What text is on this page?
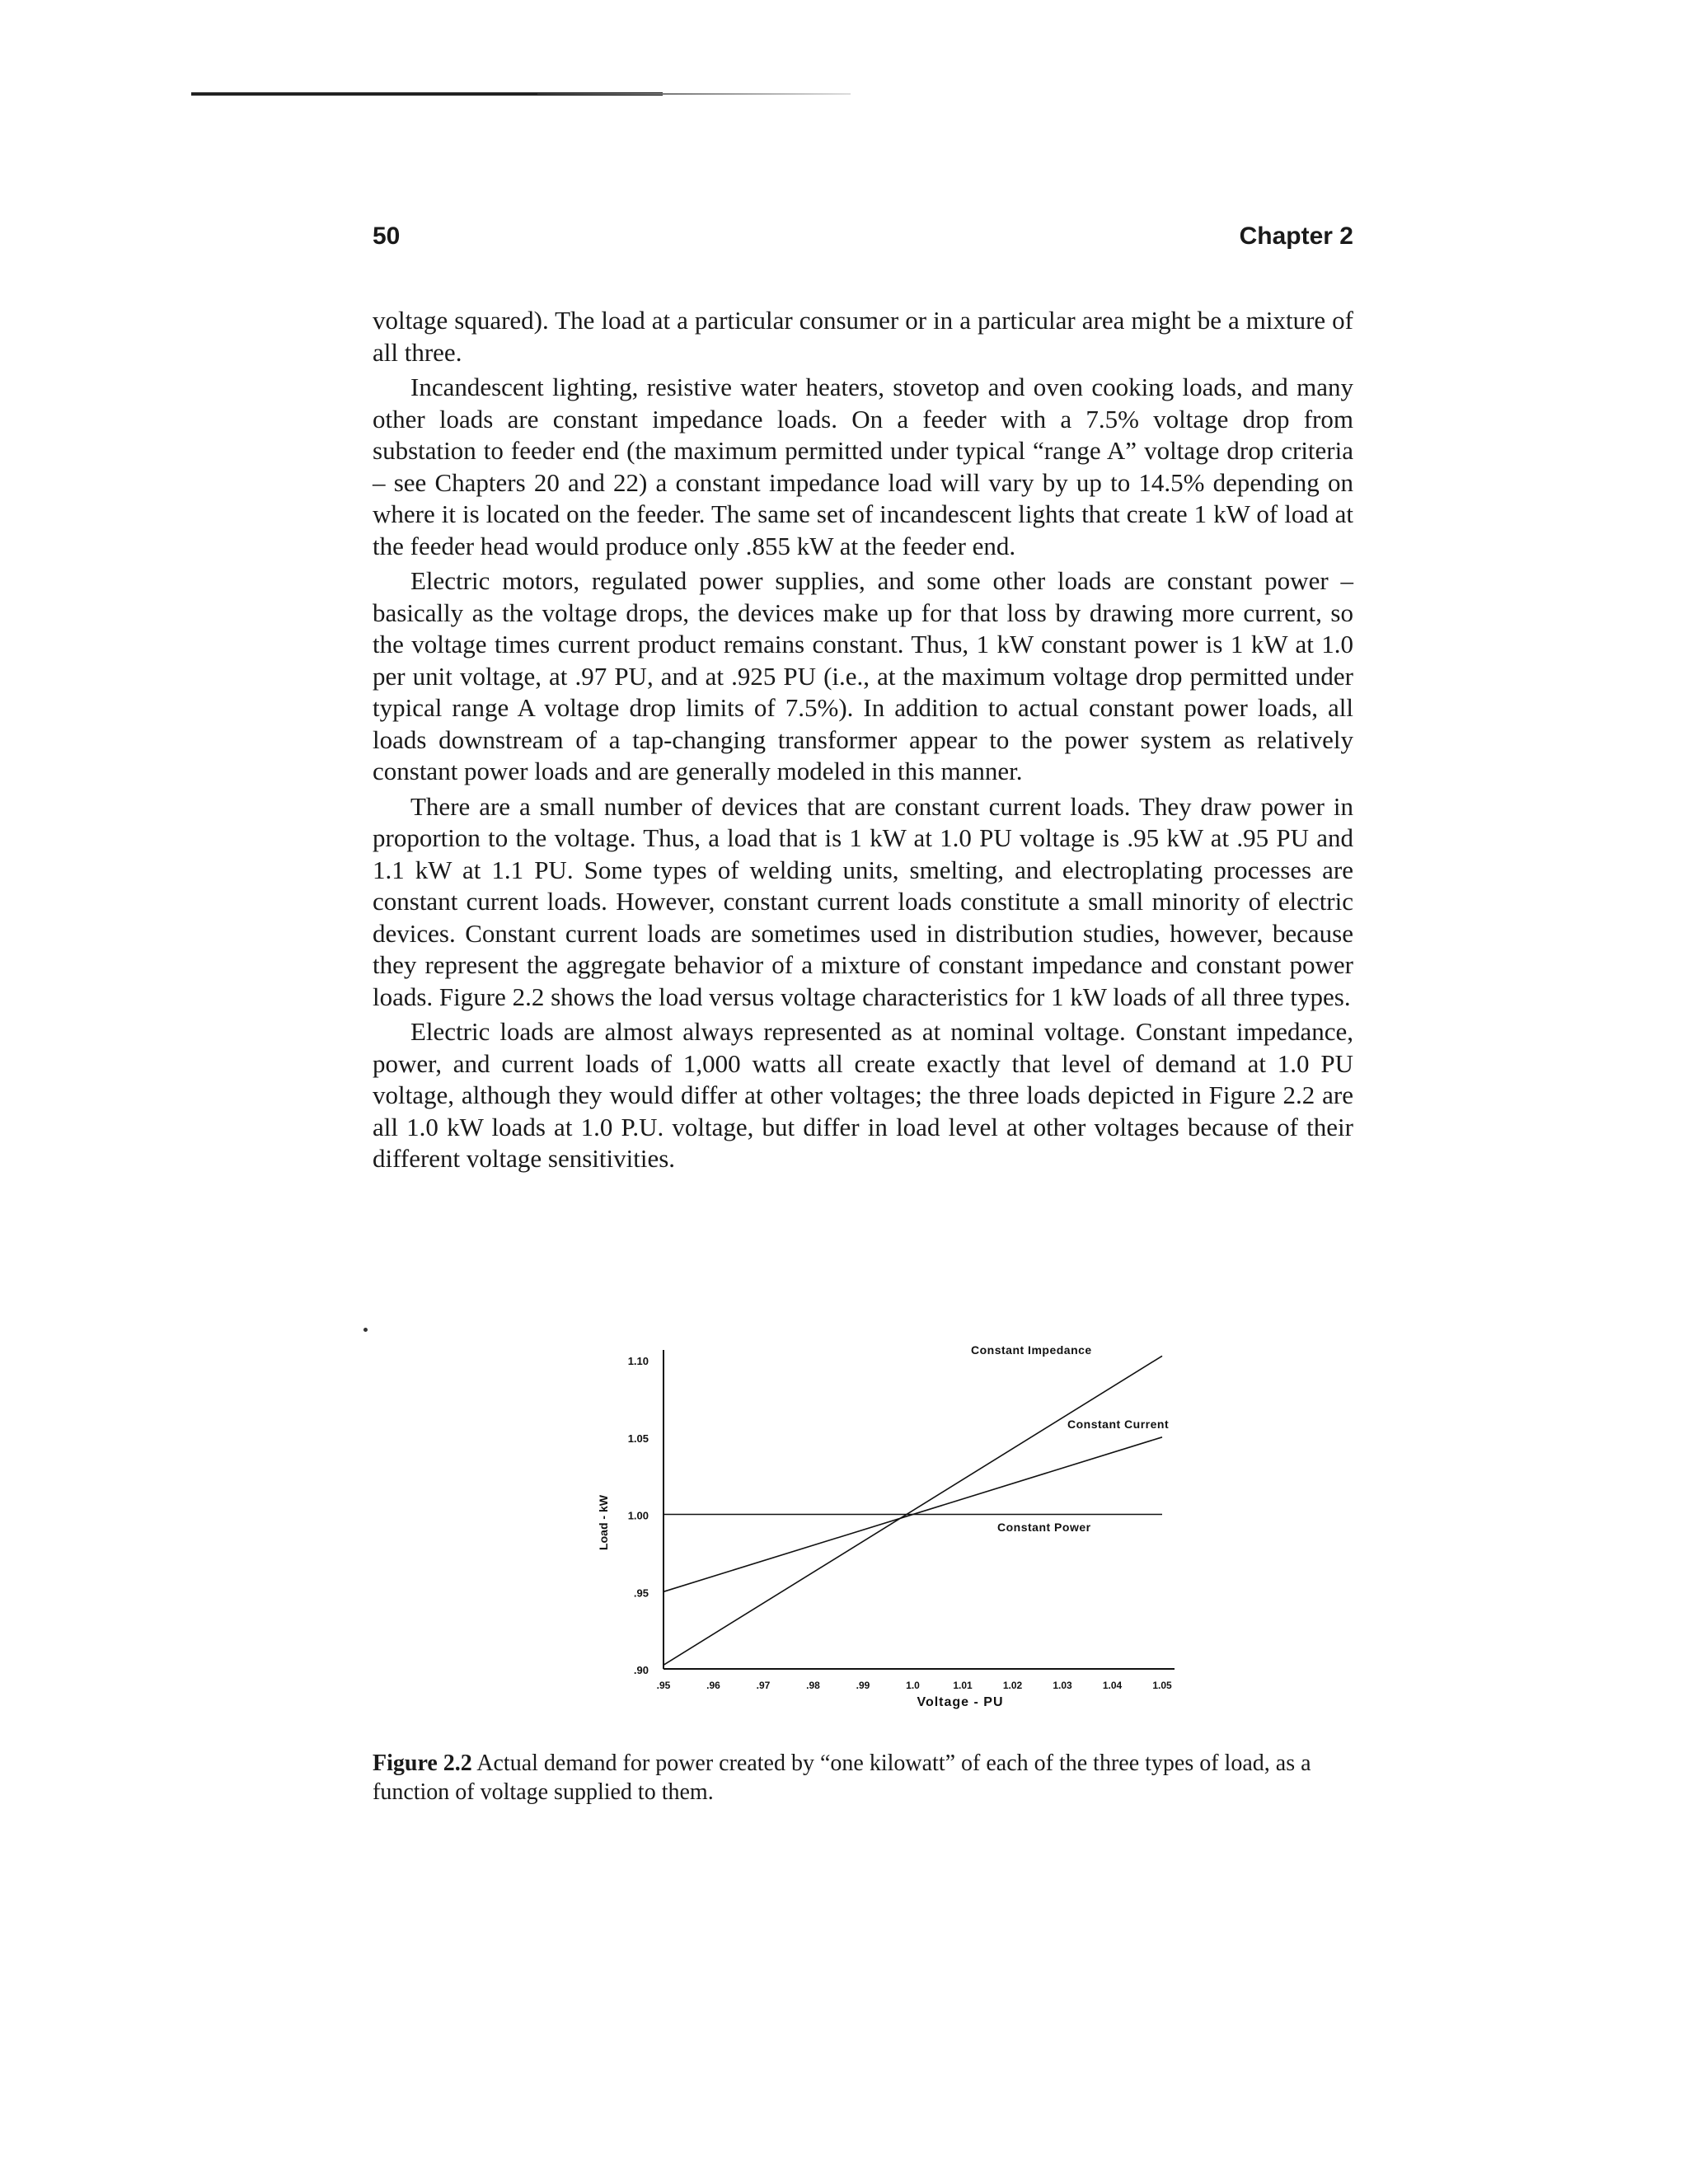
50	Chapter 2

voltage squared). The load at a particular consumer or in a particular area might be a mixture of all three.

Incandescent lighting, resistive water heaters, stovetop and oven cooking loads, and many other loads are constant impedance loads. On a feeder with a 7.5% voltage drop from substation to feeder end (the maximum permitted under typical “range A” voltage drop criteria – see Chapters 20 and 22) a constant impedance load will vary by up to 14.5% depending on where it is located on the feeder. The same set of incandescent lights that create 1 kW of load at the feeder head would produce only .855 kW at the feeder end.

Electric motors, regulated power supplies, and some other loads are constant power – basically as the voltage drops, the devices make up for that loss by drawing more current, so the voltage times current product remains constant. Thus, 1 kW constant power is 1 kW at 1.0 per unit voltage, at .97 PU, and at .925 PU (i.e., at the maximum voltage drop permitted under typical range A voltage drop limits of 7.5%). In addition to actual constant power loads, all loads downstream of a tap-changing transformer appear to the power system as relatively constant power loads and are generally modeled in this manner.

There are a small number of devices that are constant current loads. They draw power in proportion to the voltage. Thus, a load that is 1 kW at 1.0 PU voltage is .95 kW at .95 PU and 1.1 kW at 1.1 PU. Some types of welding units, smelting, and electroplating processes are constant current loads. However, constant current loads constitute a small minority of electric devices. Constant current loads are sometimes used in distribution studies, however, because they represent the aggregate behavior of a mixture of constant impedance and constant power loads. Figure 2.2 shows the load versus voltage characteristics for 1 kW loads of all three types.

Electric loads are almost always represented as at nominal voltage. Constant impedance, power, and current loads of 1,000 watts all create exactly that level of demand at 1.0 PU voltage, although they would differ at other voltages; the three loads depicted in Figure 2.2 are all 1.0 kW loads at 1.0 P.U. voltage, but differ in load level at other voltages because of their different voltage sensitivities.

1.10
1.05
1.00
.95
.90
.95	.96	.97	.98	.99	1.0	1.01	1.02	1.03	1.04	1.05
Constant Impedance
Constant Current
Constant Power
Voltage - PU
Load - kW
Figure 2.2 Actual demand for power created by “one kilowatt” of each of the three types of load, as a function of voltage supplied to them.
